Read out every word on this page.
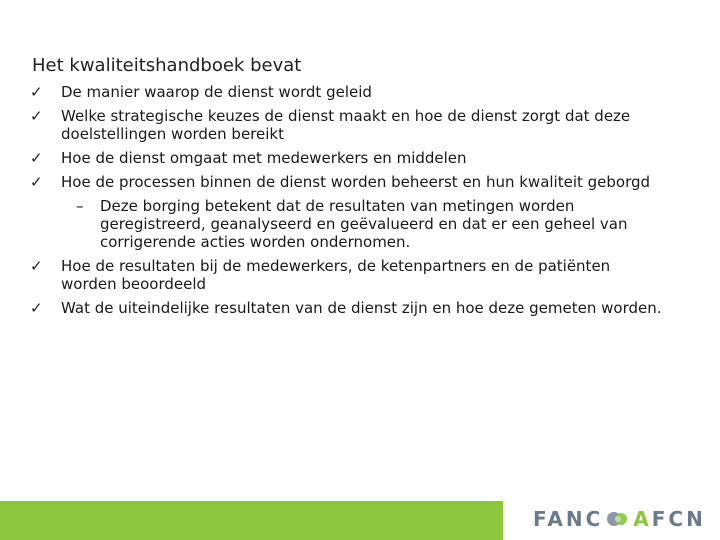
Het kwaliteitshandboek bevat
✓ De manier waarop de dienst wordt geleid
✓ Welke strategische keuzes de dienst maakt en hoe de dienst zorgt dat deze
doelstellingen worden bereikt
✓ Hoe de dienst omgaat met medewerkers en middelen
✓ Hoe de processen binnen de dienst worden beheerst en hun kwaliteit geborgd
– Deze borging betekent dat de resultaten van metingen worden
geregistreerd, geanalyseerd en geëvalueerd en dat er een geheel van
corrigerende acties worden ondernomen.
✓ Hoe de resultaten bij de medewerkers, de ketenpartners en de patiënten
worden beoordeeld
✓ Wat de uiteindelijke resultaten van de dienst zijn en hoe deze gemeten worden.
FANC A FCN
